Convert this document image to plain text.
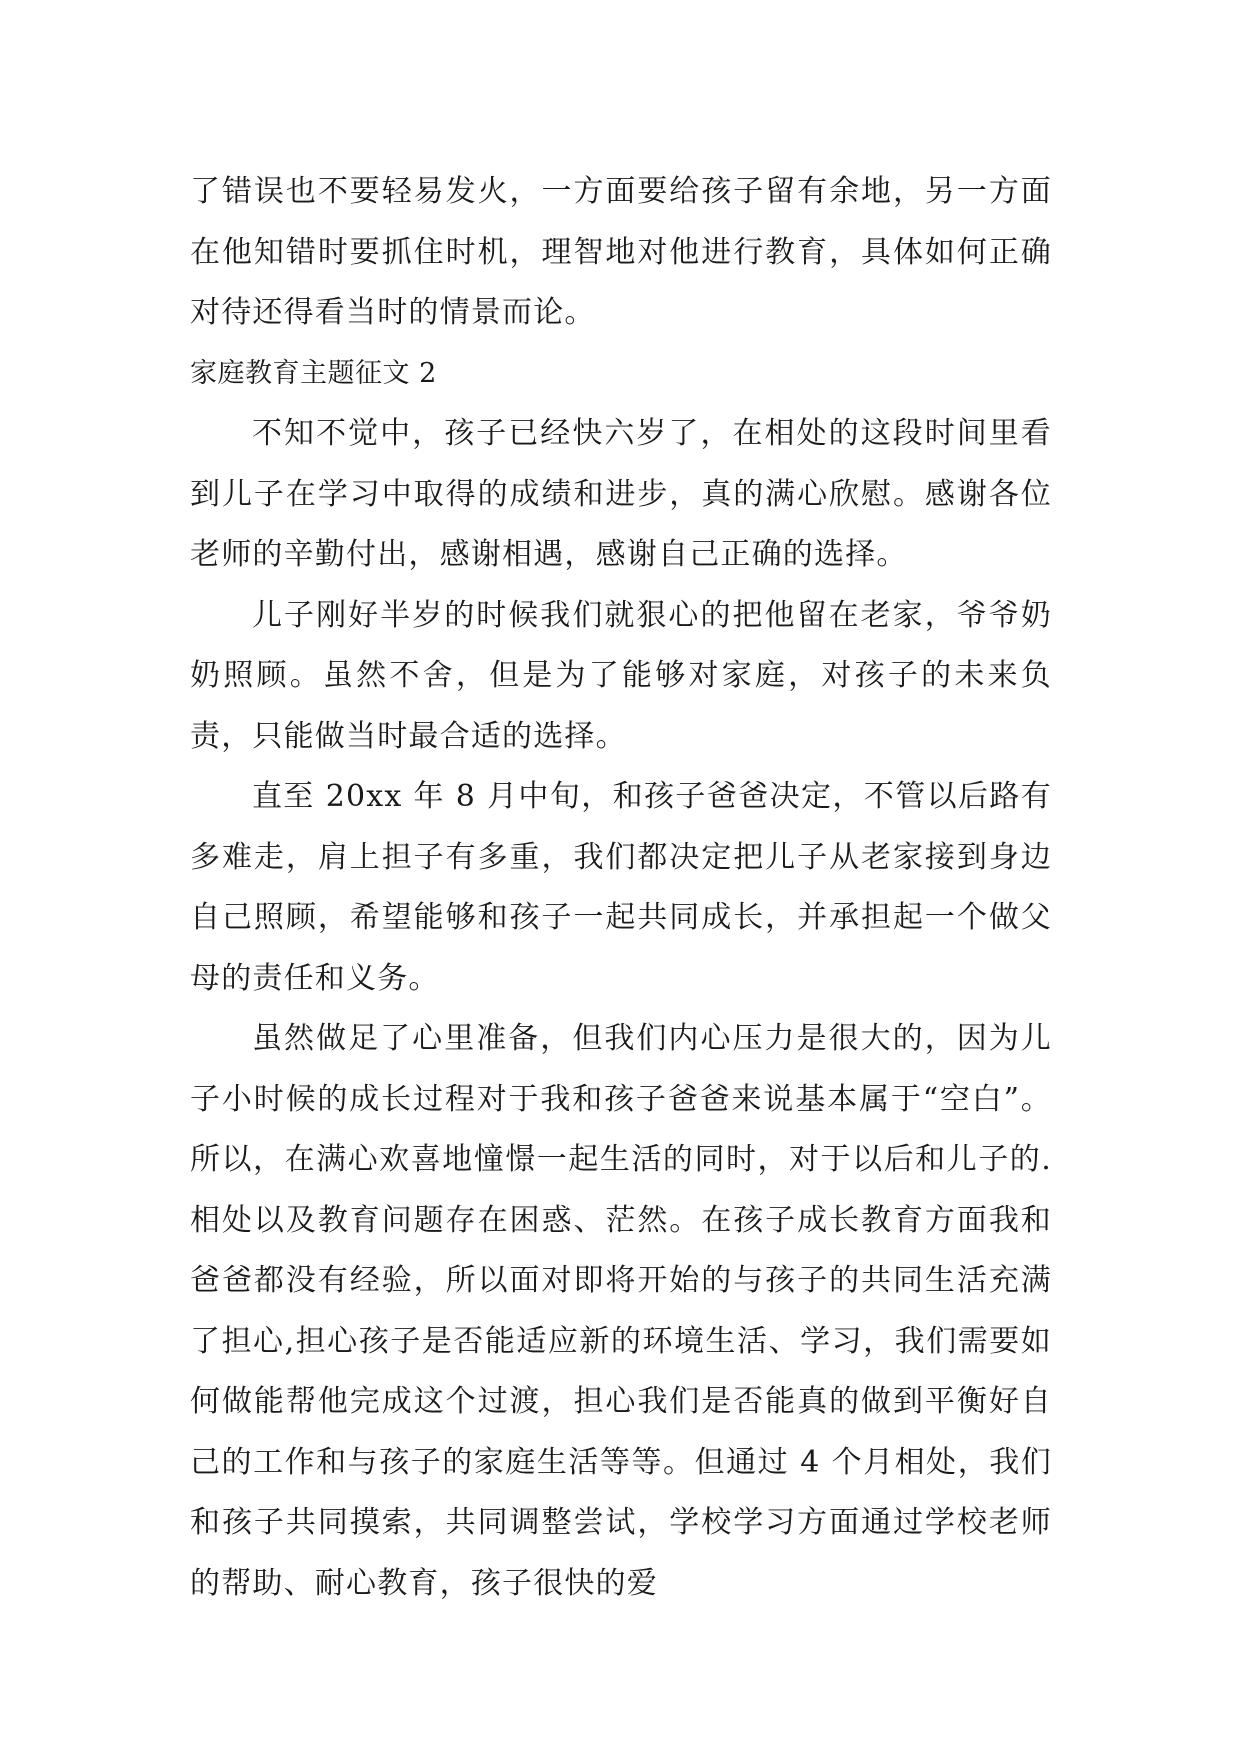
了错误也不要轻易发火，一方面要给孩子留有余地，另一方面在他知错时要抓住时机，理智地对他进行教育，具体如何正确对待还得看当时的情景而论。

家庭教育主题征文 2

不知不觉中，孩子已经快六岁了，在相处的这段时间里看到儿子在学习中取得的成绩和进步，真的满心欣慰。感谢各位老师的辛勤付出，感谢相遇，感谢自己正确的选择。

儿子刚好半岁的时候我们就狠心的把他留在老家，爷爷奶奶照顾。虽然不舍，但是为了能够对家庭，对孩子的未来负责，只能做当时最合适的选择。

直至 20xx 年 8 月中旬，和孩子爸爸决定，不管以后路有多难走，肩上担子有多重，我们都决定把儿子从老家接到身边自己照顾，希望能够和孩子一起共同成长，并承担起一个做父母的责任和义务。

虽然做足了心里准备，但我们内心压力是很大的，因为儿子小时候的成长过程对于我和孩子爸爸来说基本属于“空白”。所以，在满心欢喜地憧憬一起生活的同时，对于以后和儿子的.相处以及教育问题存在困惑、茫然。在孩子成长教育方面我和爸爸都没有经验，所以面对即将开始的与孩子的共同生活充满了担心,担心孩子是否能适应新的环境生活、学习，我们需要如何做能帮他完成这个过渡，担心我们是否能真的做到平衡好自己的工作和与孩子的家庭生活等等。但通过 4 个月相处，我们和孩子共同摸索，共同调整尝试，学校学习方面通过学校老师的帮助、耐心教育，孩子很快的爱
